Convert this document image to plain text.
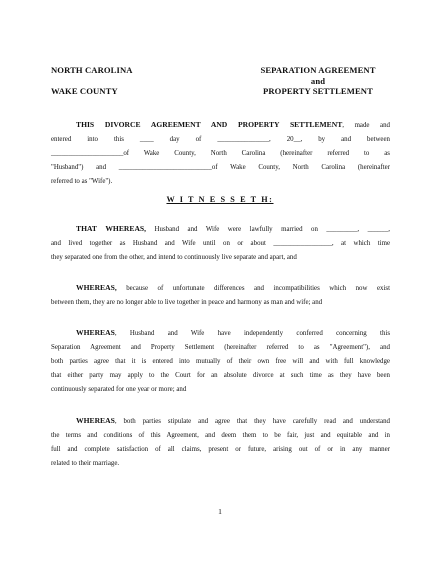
NORTH CAROLINA
WAKE COUNTY
SEPARATION AGREEMENT
and
PROPERTY SETTLEMENT
THIS DIVORCE AGREEMENT AND PROPERTY SETTLEMENT, made and
entered into this ____ day of _______________, 20__, by and between
_____________________of Wake County, North Carolina (hereinafter referred to as
"Husband") and ___________________________of Wake County, North Carolina (hereinafter
referred to as "Wife").
W I T N E S S E T H:
THAT WHEREAS, Husband and Wife were lawfully married on _________, ______,
and lived together as Husband and Wife until on or about _________________, at which time
they separated one from the other, and intend to continuously live separate and apart, and
WHEREAS, because of unfortunate differences and incompatibilities which now exist
between them, they are no longer able to live together in peace and harmony as man and wife; and
WHEREAS, Husband and Wife have independently conferred concerning this
Separation Agreement and Property Settlement (hereinafter referred to as "Agreement"), and
both parties agree that it is entered into mutually of their own free will and with full knowledge
that either party may apply to the Court for an absolute divorce at such time as they have been
continuously separated for one year or more; and
WHEREAS, both parties stipulate and agree that they have carefully read and understand
the terms and conditions of this Agreement, and deem them to be fair, just and equitable and in
full and complete satisfaction of all claims, present or future, arising out of or in any manner
related to their marriage.
1
